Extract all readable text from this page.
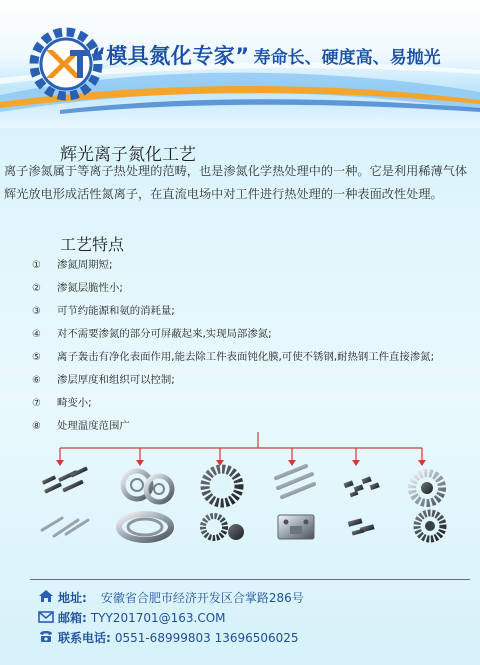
“模具氮化专家” 寿命长、硬度高、易抛光
辉光离子氮化工艺
离子渗氮属于等离子热处理的范畴，也是渗氮化学热处理中的一种。它是利用稀薄气体辉光放电形成活性氮离子，在直流电场中对工件进行热处理的一种表面改性处理。
工艺特点
① 渗氮周期短;
② 渗氮层脆性小;
③ 可节约能源和氨的消耗量;
④ 对不需要渗氮的部分可屏蔽起来,实现局部渗氮;
⑤ 离子轰击有净化表面作用,能去除工件表面钝化膜,可使不锈钢,耐热钢工件直接渗氮;
⑥ 渗层厚度和组织可以控制;
⑦ 畸变小;
⑧ 处理温度范围广
地址: 安徽省合肥市经济开发区合掌路286号
邮箱: TYY201701@163.COM
联系电话: 0551-68999803 13696506025
